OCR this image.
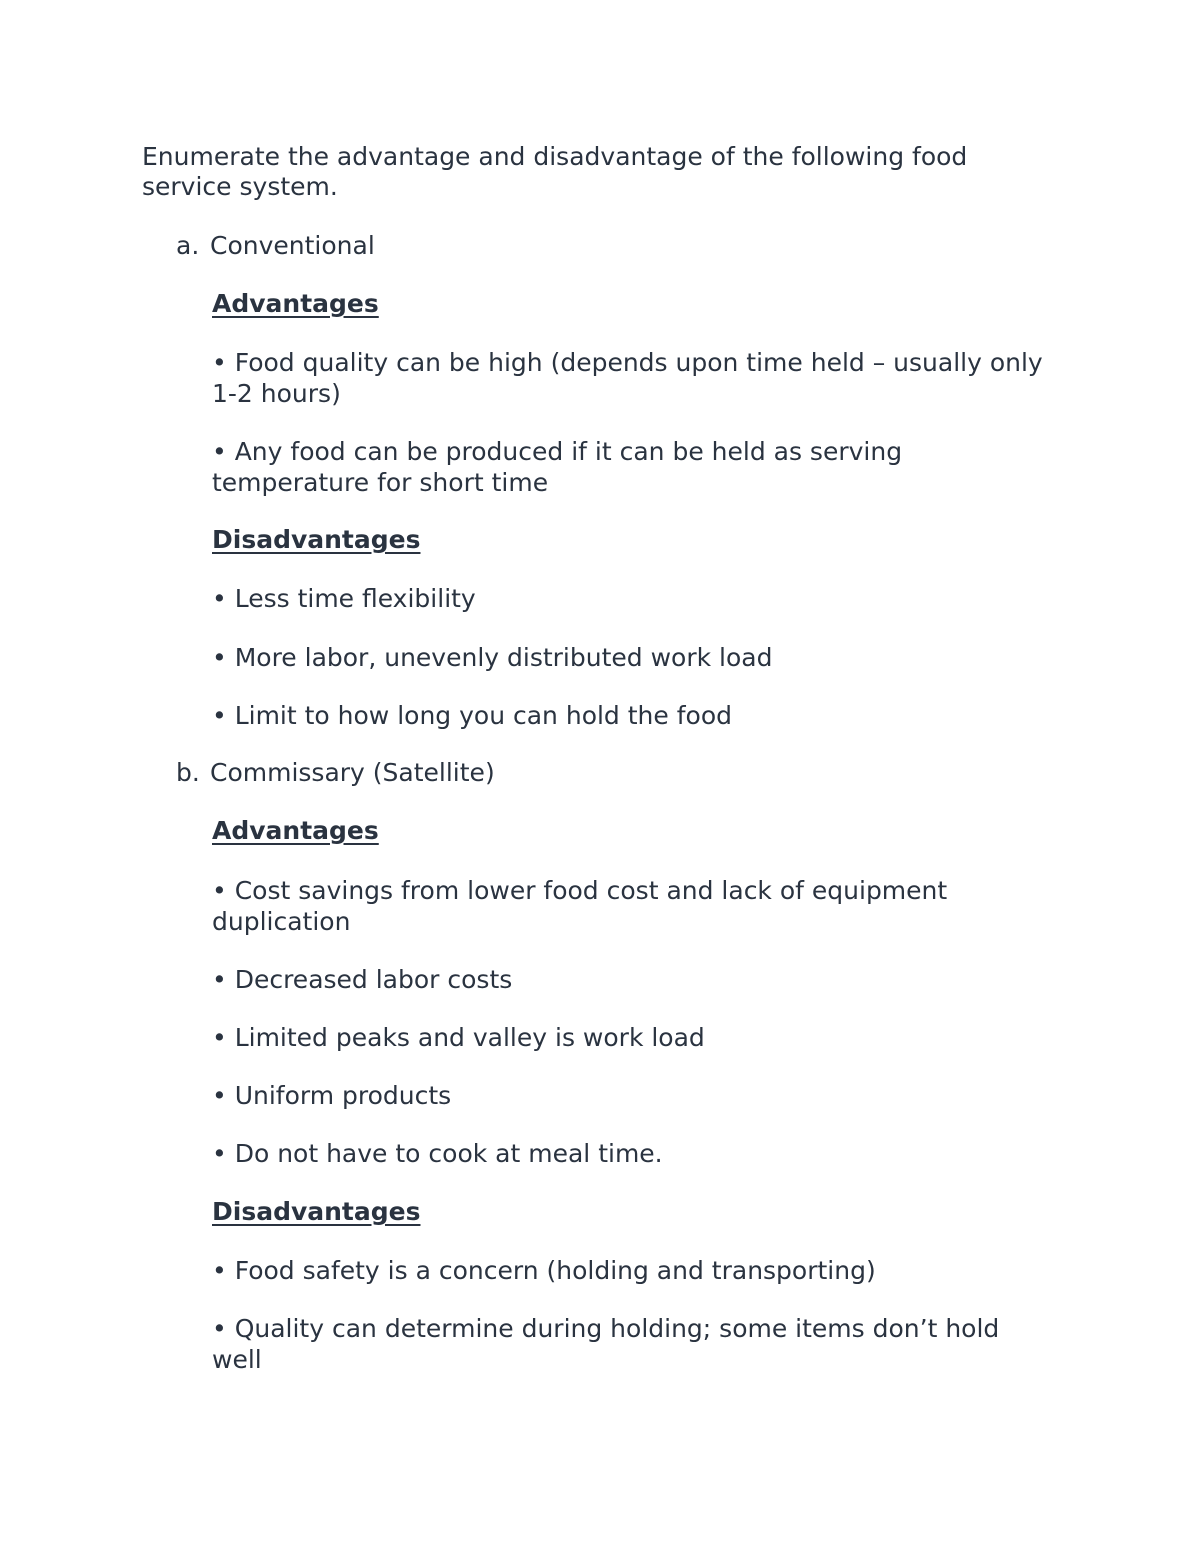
Enumerate the advantage and disadvantage of the following food service system.

a. Conventional

Advantages

• Food quality can be high (depends upon time held – usually only 1-2 hours)

• Any food can be produced if it can be held as serving temperature for short time

Disadvantages

• Less time flexibility

• More labor, unevenly distributed work load

• Limit to how long you can hold the food

b. Commissary (Satellite)

Advantages

• Cost savings from lower food cost and lack of equipment duplication

• Decreased labor costs

• Limited peaks and valley is work load

• Uniform products

• Do not have to cook at meal time.

Disadvantages

• Food safety is a concern (holding and transporting)

• Quality can determine during holding; some items don’t hold well
